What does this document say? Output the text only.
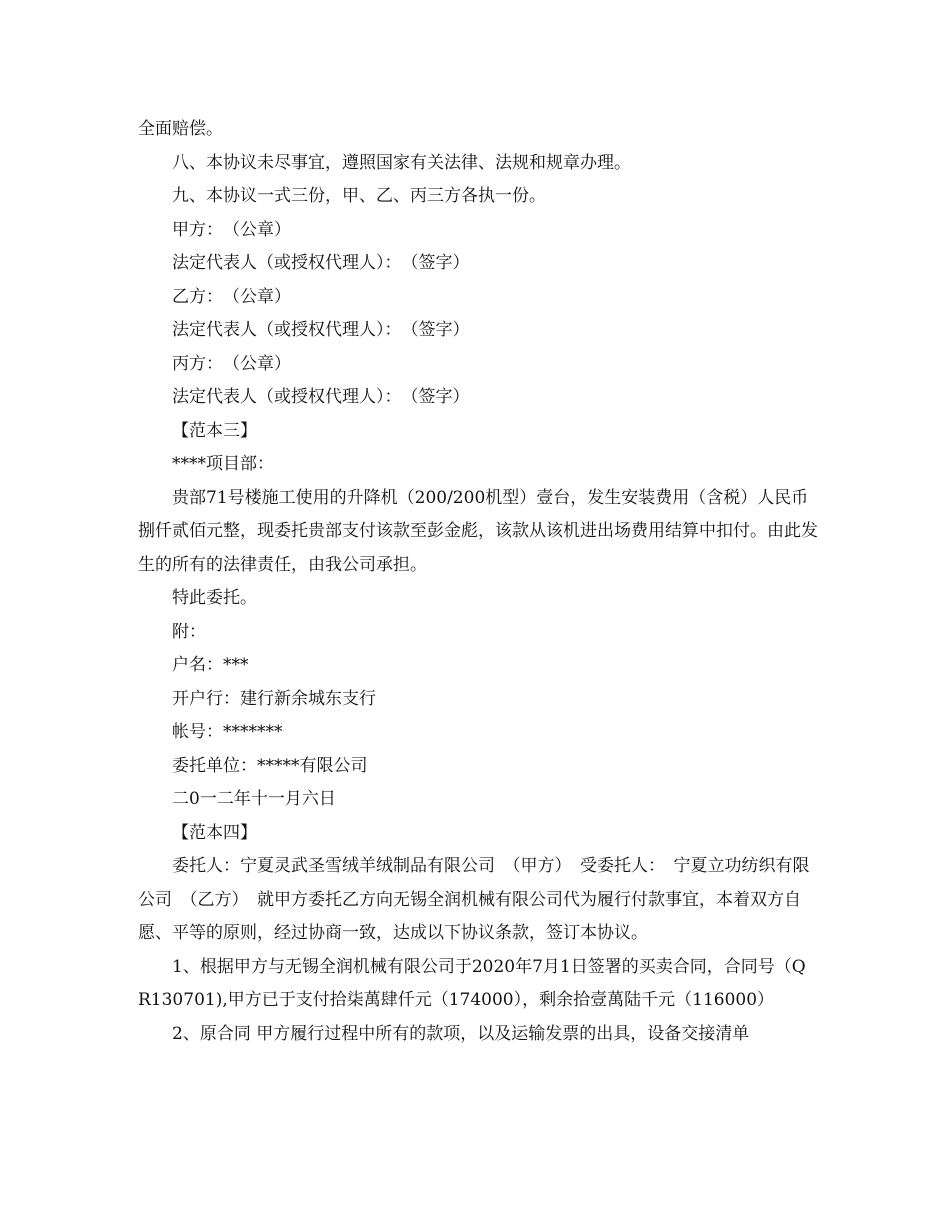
全面赔偿。

八、本协议未尽事宜，遵照国家有关法律、法规和规章办理。

九、本协议一式三份，甲、乙、丙三方各执一份。

甲方：　（公章）

法定代表人（或授权代理人）：　（签字）

乙方：　（公章）

法定代表人（或授权代理人）：　（签字）

丙方：　（公章）

法定代表人（或授权代理人）：　（签字）

【范本三】

****项目部：

贵部71号楼施工使用的升降机（200/200机型）壹台，发生安装费用（含税）人民币捌仟贰佰元整，现委托贵部支付该款至彭金彪，该款从该机进出场费用结算中扣付。由此发生的所有的法律责任，由我公司承担。

特此委托。

附：

户名：***

开户行：建行新余城东支行

帐号：*******

委托单位：*****有限公司

二0一二年十一月六日

【范本四】

委托人：宁夏灵武圣雪绒羊绒制品有限公司　（甲方）　受委托人：　宁夏立功纺织有限公司　（乙方）　就甲方委托乙方向无锡全润机械有限公司代为履行付款事宜，本着双方自愿、平等的原则，经过协商一致，达成以下协议条款，签订本协议。

1、根据甲方与无锡全润机械有限公司于2020年7月1日签署的买卖合同，合同号（QR130701),甲方已于支付拾柒萬肆仟元（174000），剩余拾壹萬陆千元（116000）

2、原合同 甲方履行过程中所有的款项，以及运输发票的出具，设备交接清单
